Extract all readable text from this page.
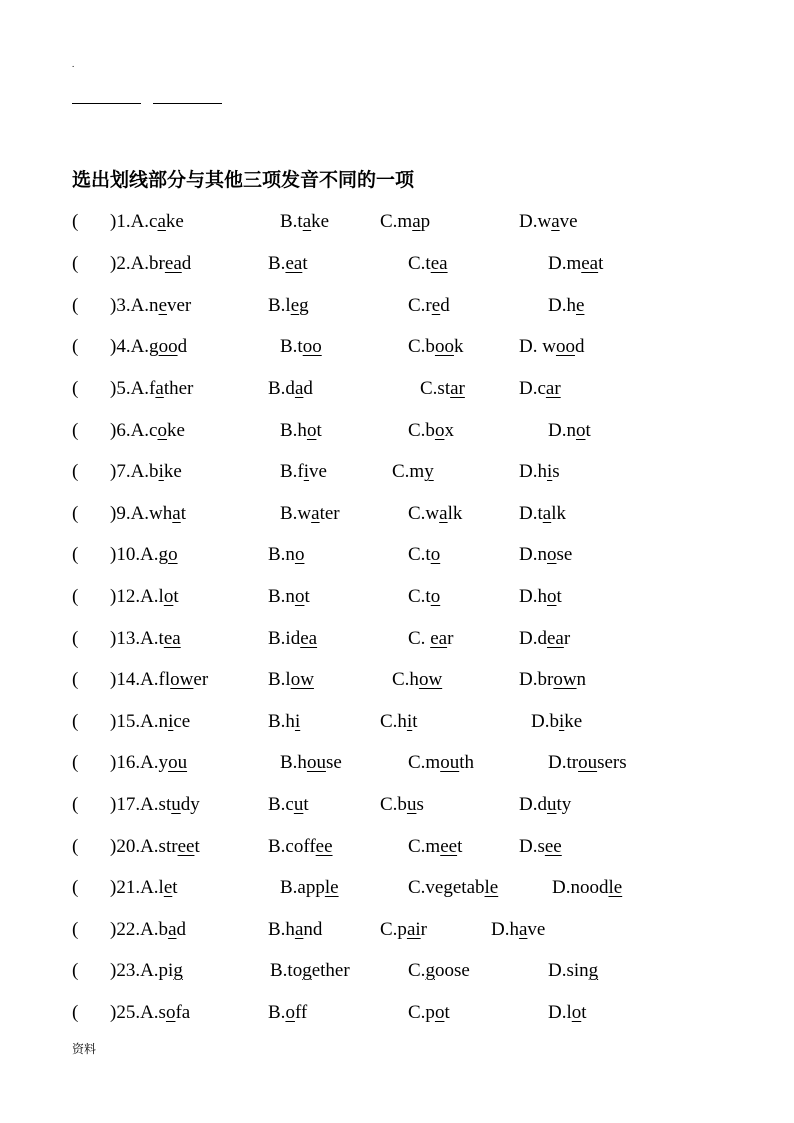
.
选出划线部分与其他三项发音不同的一项
( )1.A.cake	B.take	C.map	D.wave
( )2.A.bread	B.eat	C.tea	D.meat
( )3.A.never	B.leg	C.red	D.he
( )4.A.good	B.too	C.book	D. wood
( )5.A.father	B.dad	C.star	D.car
( )6.A.coke	B.hot	C.box	D.not
( )7.A.bike	B.five	C.my	D.his
( )9.A.what	B.water	C.walk	D.talk
( )10.A.go	B.no	C.to	D.nose
( )12.A.lot	B.not	C.to	D.hot
( )13.A.tea	B.idea	C. ear	D.dear
( )14.A.flower	B.low	C.how	D.brown
( )15.A.nice	B.hi	C.hit	D.bike
( )16.A.you	B.house	C.mouth	D.trousers
( )17.A.study	B.cut	C.bus	D.duty
( )20.A.street	B.coffee	C.meet	D.see
( )21.A.let	B.apple	C.vegetable	D.noodle
( )22.A.bad	B.hand	C.pair	D.have
( )23.A.pig	B.together	C.goose	D.sing
( )25.A.sofa	B.off	C.pot	D.lot
资料
